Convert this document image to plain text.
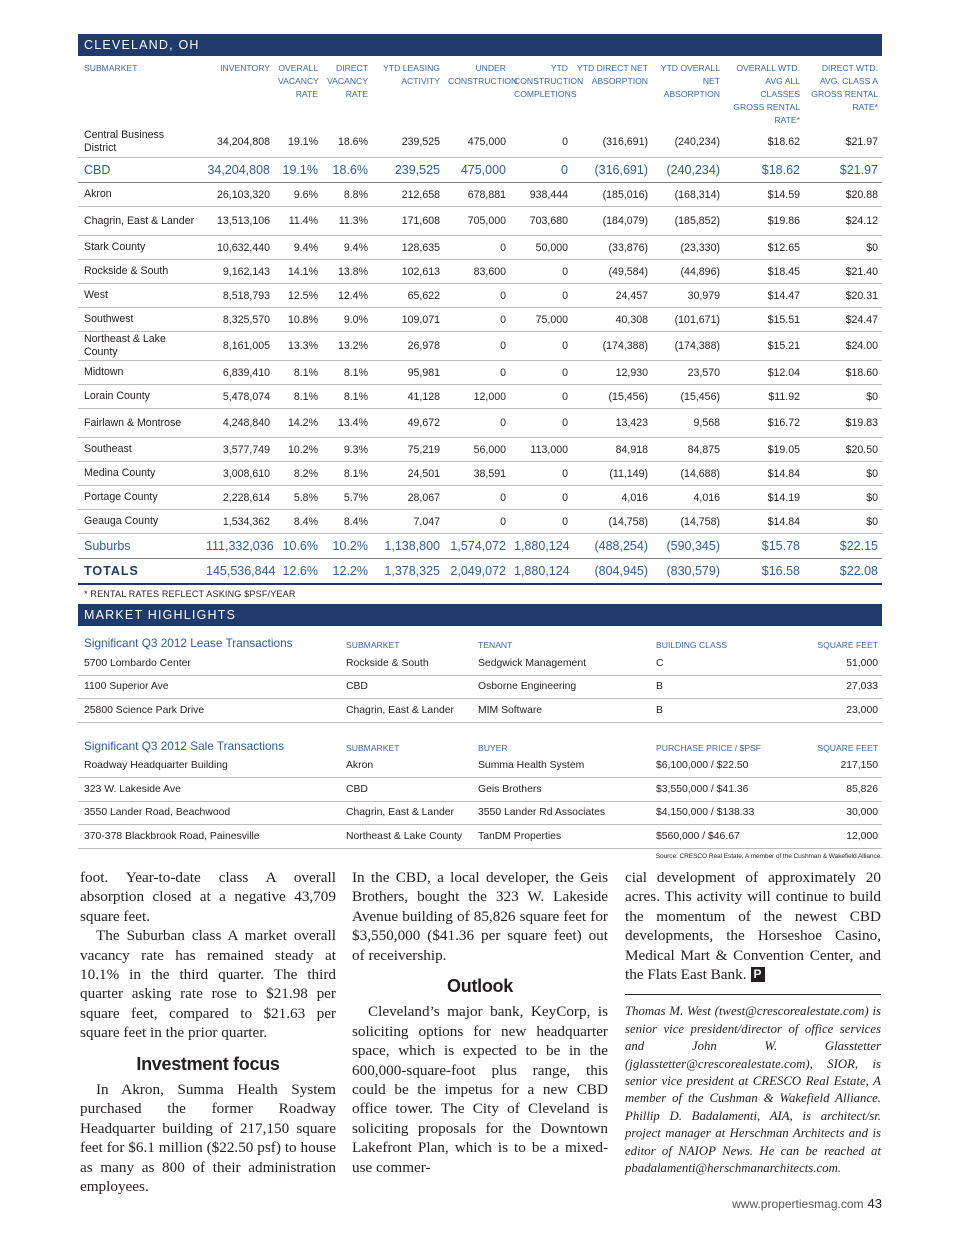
CLEVELAND, OH
SUBMARKET	INVENTORY	OVERALL VACANCY RATE	DIRECT VACANCY RATE	YTD LEASING ACTIVITY	UNDER CONSTRUCTION	YTD CONSTRUCTION COMPLETIONS	YTD DIRECT NET ABSORPTION	YTD OVERALL NET ABSORPTION	OVERALL WTD. AVG ALL CLASSES GROSS RENTAL RATE*	DIRECT WTD. AVG. CLASS A GROSS RENTAL RATE*
Central Business District	34,204,808	19.1%	18.6%	239,525	475,000	0	(316,691)	(240,234)	$18.62	$21.97
CBD	34,204,808	19.1%	18.6%	239,525	475,000	0	(316,691)	(240,234)	$18.62	$21.97
Akron	26,103,320	9.6%	8.8%	212,658	678,881	938,444	(185,016)	(168,314)	$14.59	$20.88
Chagrin, East & Lander	13,513,106	11.4%	11.3%	171,608	705,000	703,680	(184,079)	(185,852)	$19.86	$24.12
Stark County	10,632,440	9.4%	9.4%	128,635	0	50,000	(33,876)	(23,330)	$12.65	$0
Rockside & South	9,162,143	14.1%	13.8%	102,613	83,600	0	(49,584)	(44,896)	$18.45	$21.40
West	8,518,793	12.5%	12.4%	65,622	0	0	24,457	30,979	$14.47	$20.31
Southwest	8,325,570	10.8%	9.0%	109,071	0	75,000	40,308	(101,671)	$15.51	$24.47
Northeast & Lake County	8,161,005	13.3%	13.2%	26,978	0	0	(174,388)	(174,388)	$15.21	$24.00
Midtown	6,839,410	8.1%	8.1%	95,981	0	0	12,930	23,570	$12.04	$18.60
Lorain County	5,478,074	8.1%	8.1%	41,128	12,000	0	(15,456)	(15,456)	$11.92	$0
Fairlawn & Montrose	4,248,840	14.2%	13.4%	49,672	0	0	13,423	9,568	$16.72	$19.83
Southeast	3,577,749	10.2%	9.3%	75,219	56,000	113,000	84,918	84,875	$19.05	$20.50
Medina County	3,008,610	8.2%	8.1%	24,501	38,591	0	(11,149)	(14,688)	$14.84	$0
Portage County	2,228,614	5.8%	5.7%	28,067	0	0	4,016	4,016	$14.19	$0
Geauga County	1,534,362	8.4%	8.4%	7,047	0	0	(14,758)	(14,758)	$14.84	$0
Suburbs	111,332,036	10.6%	10.2%	1,138,800	1,574,072	1,880,124	(488,254)	(590,345)	$15.78	$22.15
TOTALS	145,536,844	12.6%	12.2%	1,378,325	2,049,072	1,880,124	(804,945)	(830,579)	$16.58	$22.08
* RENTAL RATES REFLECT ASKING $PSF/YEAR
MARKET HIGHLIGHTS
Significant Q3 2012 Lease Transactions	SUBMARKET	TENANT	BUILDING CLASS	SQUARE FEET
5700 Lombardo Center	Rockside & South	Sedgwick Management	C	51,000
1100 Superior Ave	CBD	Osborne Engineering	B	27,033
25800 Science Park Drive	Chagrin, East & Lander	MIM Software	B	23,000
Significant Q3 2012 Sale Transactions	SUBMARKET	BUYER	PURCHASE PRICE / $PSF	SQUARE FEET
Roadway Headquarter Building	Akron	Summa Health System	$6,100,000 / $22.50	217,150
323 W. Lakeside Ave	CBD	Geis Brothers	$3,550,000 / $41.36	85,826
3550 Lander Road, Beachwood	Chagrin, East & Lander	3550 Lander Rd Associates	$4,150,000 / $138.33	30,000
370-378 Blackbrook Road, Painesville	Northeast & Lake County	TanDM Properties	$560,000 / $46.67	12,000
Source: CRESCO Real Estate, A member of the Cushman & Wakefield Alliance.

foot. Year-to-date class A overall absorption closed at a negative 43,709 square feet.

The Suburban class A market overall vacancy rate has remained steady at 10.1% in the third quarter. The third quarter asking rate rose to $21.98 per square feet, compared to $21.63 per square feet in the prior quarter.

Investment focus

In Akron, Summa Health System purchased the former Roadway Headquarter building of 217,150 square feet for $6.1 million ($22.50 psf) to house as many as 800 of their administration employees.

In the CBD, a local developer, the Geis Brothers, bought the 323 W. Lakeside Avenue building of 85,826 square feet for $3,550,000 ($41.36 per square feet) out of receivership.

Outlook

Cleveland’s major bank, KeyCorp, is soliciting options for new headquarter space, which is expected to be in the 600,000-square-foot plus range, this could be the impetus for a new CBD office tower. The City of Cleveland is soliciting proposals for the Downtown Lakefront Plan, which is to be a mixed-use commer-

cial development of approximately 20 acres. This activity will continue to build the momentum of the newest CBD developments, the Horseshoe Casino, Medical Mart & Convention Center, and the Flats East Bank. P

Thomas M. West (twest@crescorealestate.com) is senior vice president/director of office services and John W. Glasstetter (jglasstetter@crescorealestate.com), SIOR, is senior vice president at CRESCO Real Estate, A member of the Cushman & Wakefield Alliance. Phillip D. Badalamenti, AIA, is architect/sr. project manager at Herschman Architects and is editor of NAIOP News. He can be reached at pbadalamenti@herschmanarchitects.com.
www.propertiesmag.com 43
